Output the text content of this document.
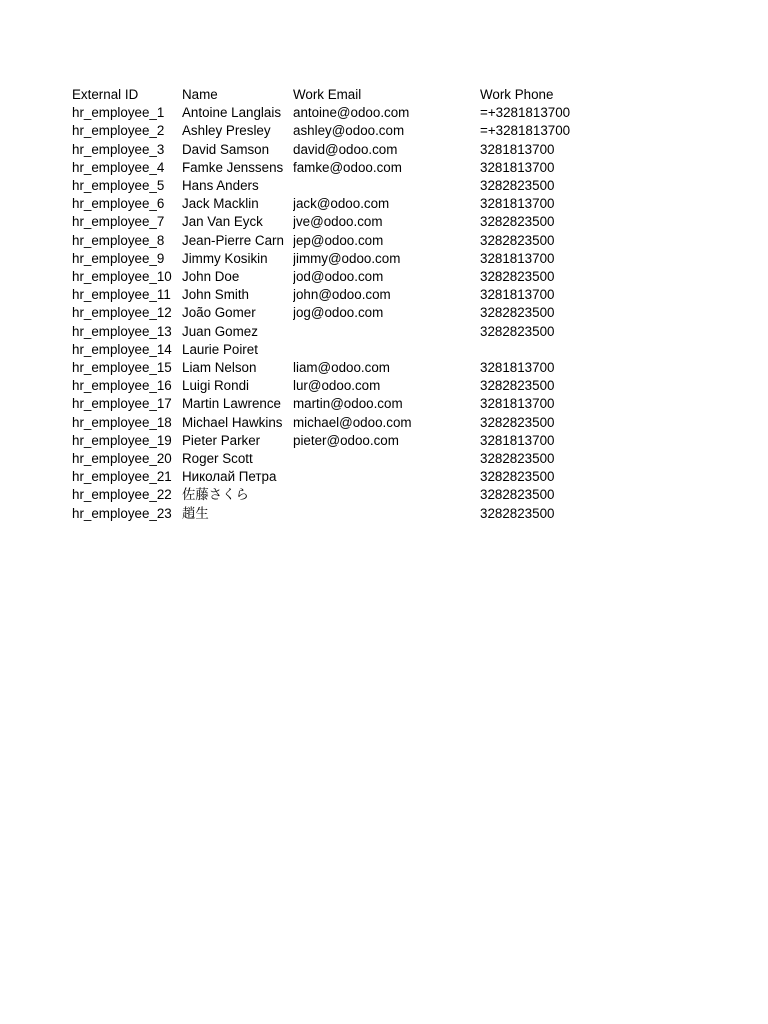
External ID	Name	Work Email	Work Phone
hr_employee_1	Antoine Langlais	antoine@odoo.com	=+3281813700
hr_employee_2	Ashley Presley	ashley@odoo.com	=+3281813700
hr_employee_3	David Samson	david@odoo.com	3281813700
hr_employee_4	Famke Jenssens	famke@odoo.com	3281813700
hr_employee_5	Hans Anders		3282823500
hr_employee_6	Jack Macklin	jack@odoo.com	3281813700
hr_employee_7	Jan Van Eyck	jve@odoo.com	3282823500
hr_employee_8	Jean-Pierre Carn	jep@odoo.com	3282823500
hr_employee_9	Jimmy Kosikin	jimmy@odoo.com	3281813700
hr_employee_10	John Doe	jod@odoo.com	3282823500
hr_employee_11	John Smith	john@odoo.com	3281813700
hr_employee_12	João Gomer	jog@odoo.com	3282823500
hr_employee_13	Juan Gomez		3282823500
hr_employee_14	Laurie Poiret		
hr_employee_15	Liam Nelson	liam@odoo.com	3281813700
hr_employee_16	Luigi Rondi	lur@odoo.com	3282823500
hr_employee_17	Martin Lawrence	martin@odoo.com	3281813700
hr_employee_18	Michael Hawkins	michael@odoo.com	3282823500
hr_employee_19	Pieter Parker	pieter@odoo.com	3281813700
hr_employee_20	Roger Scott		3282823500
hr_employee_21	Николай Петра		3282823500
hr_employee_22	佐藤さくら		3282823500
hr_employee_23	趙生		3282823500
